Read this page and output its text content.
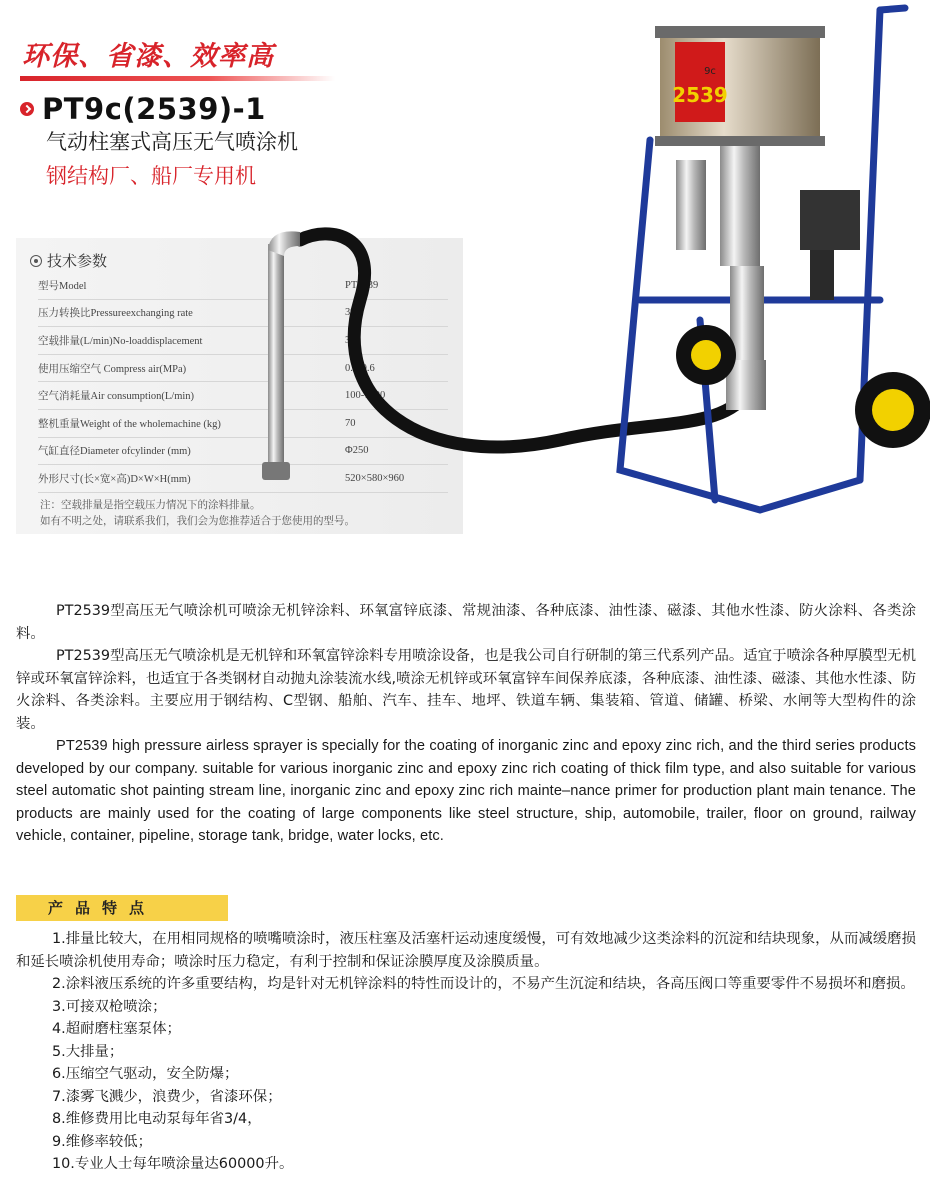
环保、省漆、效率高
PT9c(2539)-1
气动柱塞式高压无气喷涂机
钢结构厂、船厂专用机
技术参数
型号Model	PT2539
压力转换比Pressureexchanging rate	39:1
空载排量(L/min)No-loaddisplacement	35
使用压缩空气 Compress air(MPa)	0.3-0.6
空气消耗量Air consumption(L/min)	100-1000
整机重量Weight of the wholemachine (kg)	70
气缸直径Diameter ofcylinder (mm)	Φ250
外形尺寸(长×宽×高)D×W×H(mm)	520×580×960
注：空载排量是指空载压力情况下的涂料排量。
如有不明之处，请联系我们，我们会为您推荐适合于您使用的型号。
2539
9c

PT2539型高压无气喷涂机可喷涂无机锌涂料、环氧富锌底漆、常规油漆、各种底漆、油性漆、磁漆、其他水性漆、防火涂料、各类涂料。

PT2539型高压无气喷涂机是无机锌和环氧富锌涂料专用喷涂设备，也是我公司自行研制的第三代系列产品。适宜于喷涂各种厚膜型无机锌或环氧富锌涂料，也适宜于各类钢材自动抛丸涂装流水线,喷涂无机锌或环氧富锌车间保养底漆，各种底漆、油性漆、磁漆、其他水性漆、防火涂料、各类涂料。主要应用于钢结构、C型钢、船舶、汽车、挂车、地坪、铁道车辆、集装箱、管道、储罐、桥梁、水闸等大型构件的涂装。

PT2539 high pressure airless sprayer is specially for the coating of inorganic zinc and epoxy zinc rich, and the third series products developed by our company. suitable for various inorganic zinc and epoxy zinc rich coating of thick film type, and also suitable for various steel automatic shot painting stream line, inorganic zinc and epoxy zinc rich mainte–nance primer for production plant main tenance. The products are mainly used for the coating of large components like steel structure, ship, automobile, trailer, floor on ground, railway vehicle, container, pipeline, storage tank, bridge, water locks, etc.

产品特点

1.排量比较大，在用相同规格的喷嘴喷涂时，液压柱塞及活塞杆运动速度缓慢，可有效地减少这类涂料的沉淀和结块现象，从而减缓磨损和延长喷涂机使用寿命；喷涂时压力稳定，有利于控制和保证涂膜厚度及涂膜质量。

2.涂料液压系统的许多重要结构，均是针对无机锌涂料的特性而设计的，不易产生沉淀和结块，各高压阀口等重要零件不易损坏和磨损。

3.可接双枪喷涂；

4.超耐磨柱塞泵体；

5.大排量；

6.压缩空气驱动，安全防爆；

7.漆雾飞溅少，浪费少，省漆环保；

8.维修费用比电动泵每年省3/4，

9.维修率较低；

10.专业人士每年喷涂量达60000升。
